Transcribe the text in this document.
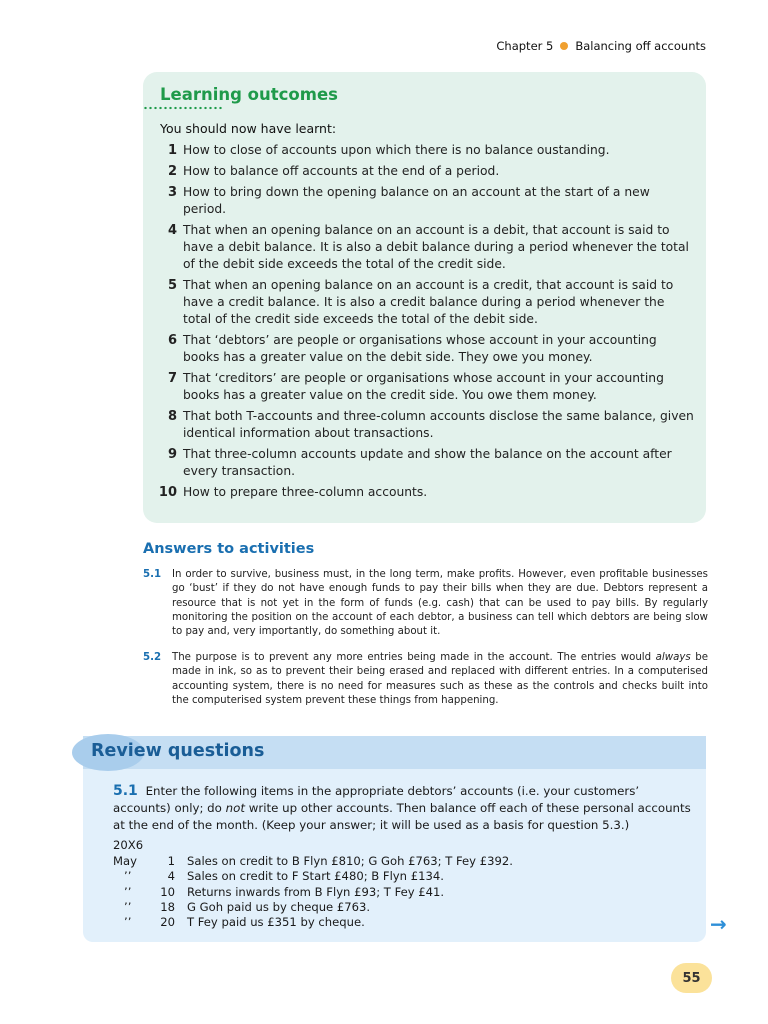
Chapter 5 Balancing off accounts
Learning outcomes
You should now have learnt:
1 How to close of accounts upon which there is no balance oustanding.
2 How to balance off accounts at the end of a period.
3 How to bring down the opening balance on an account at the start of a new period.
4 That when an opening balance on an account is a debit, that account is said to have a debit balance. It is also a debit balance during a period whenever the total of the debit side exceeds the total of the credit side.
5 That when an opening balance on an account is a credit, that account is said to have a credit balance. It is also a credit balance during a period whenever the total of the credit side exceeds the total of the debit side.
6 That ‘debtors’ are people or organisations whose account in your accounting books has a greater value on the debit side. They owe you money.
7 That ‘creditors’ are people or organisations whose account in your accounting books has a greater value on the credit side. You owe them money.
8 That both T-accounts and three-column accounts disclose the same balance, given identical information about transactions.
9 That three-column accounts update and show the balance on the account after every transaction.
10 How to prepare three-column accounts.
Answers to activities
5.1	In order to survive, business must, in the long term, make profits. However, even profitable businesses go ‘bust’ if they do not have enough funds to pay their bills when they are due. Debtors represent a resource that is not yet in the form of funds (e.g. cash) that can be used to pay bills. By regularly monitoring the position on the account of each debtor, a business can tell which debtors are being slow to pay and, very importantly, do something about it.
5.2	The purpose is to prevent any more entries being made in the account. The entries would always be made in ink, so as to prevent their being erased and replaced with different entries. In a computerised accounting system, there is no need for measures such as these as the controls and checks built into the computerised system prevent these things from happening.
Review questions
5.1 Enter the following items in the appropriate debtors’ accounts (i.e. your customers’ accounts) only; do not write up other accounts. Then balance off each of these personal accounts at the end of the month. (Keep your answer; it will be used as a basis for question 5.3.)
20X6
May	1	Sales on credit to B Flyn £810; G Goh £763; T Fey £392.
’’	4	Sales on credit to F Start £480; B Flyn £134.
’’	10	Returns inwards from B Flyn £93; T Fey £41.
’’	18	G Goh paid us by cheque £763.
’’	20	T Fey paid us £351 by cheque.	→
55
